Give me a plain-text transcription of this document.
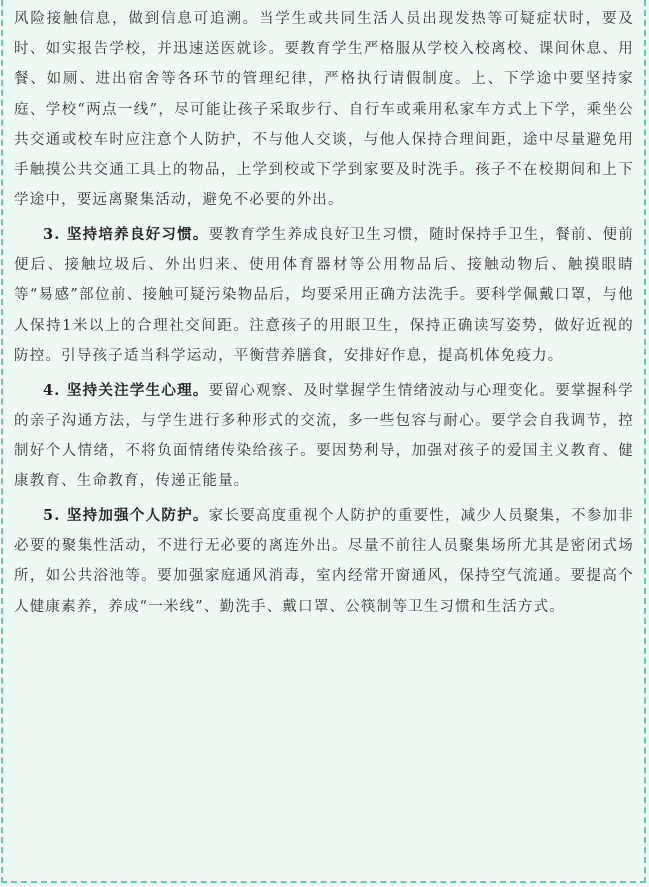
风险接触信息，做到信息可追溯。当学生或共同生活人员出现发热等可疑症状时，要及时、如实报告学校，并迅速送医就诊。要教育学生严格服从学校入校离校、课间休息、用餐、如厕、进出宿舍等各环节的管理纪律，严格执行请假制度。上、下学途中要坚持家庭、学校“两点一线”，尽可能让孩子采取步行、自行车或乘用私家车方式上下学，乘坐公共交通或校车时应注意个人防护，不与他人交谈，与他人保持合理间距，途中尽量避免用手触摸公共交通工具上的物品，上学到校或下学到家要及时洗手。孩子不在校期间和上下学途中，要远离聚集活动，避免不必要的外出。

3. 坚持培养良好习惯。要教育学生养成良好卫生习惯，随时保持手卫生，餐前、便前便后、接触垃圾后、外出归来、使用体育器材等公用物品后、接触动物后、触摸眼睛等“易感”部位前、接触可疑污染物品后，均要采用正确方法洗手。要科学佩戴口罩，与他人保持1米以上的合理社交间距。注意孩子的用眼卫生，保持正确读写姿势，做好近视的防控。引导孩子适当科学运动，平衡营养膳食，安排好作息，提高机体免疫力。

4. 坚持关注学生心理。要留心观察、及时掌握学生情绪波动与心理变化。要掌握科学的亲子沟通方法，与学生进行多种形式的交流，多一些包容与耐心。要学会自我调节，控制好个人情绪，不将负面情绪传染给孩子。要因势利导，加强对孩子的爱国主义教育、健康教育、生命教育，传递正能量。

5. 坚持加强个人防护。家长要高度重视个人防护的重要性，减少人员聚集，不参加非必要的聚集性活动，不进行无必要的离连外出。尽量不前往人员聚集场所尤其是密闭式场所，如公共浴池等。要加强家庭通风消毒，室内经常开窗通风，保持空气流通。要提高个人健康素养，养成“一米线”、勤洗手、戴口罩、公筷制等卫生习惯和生活方式。
